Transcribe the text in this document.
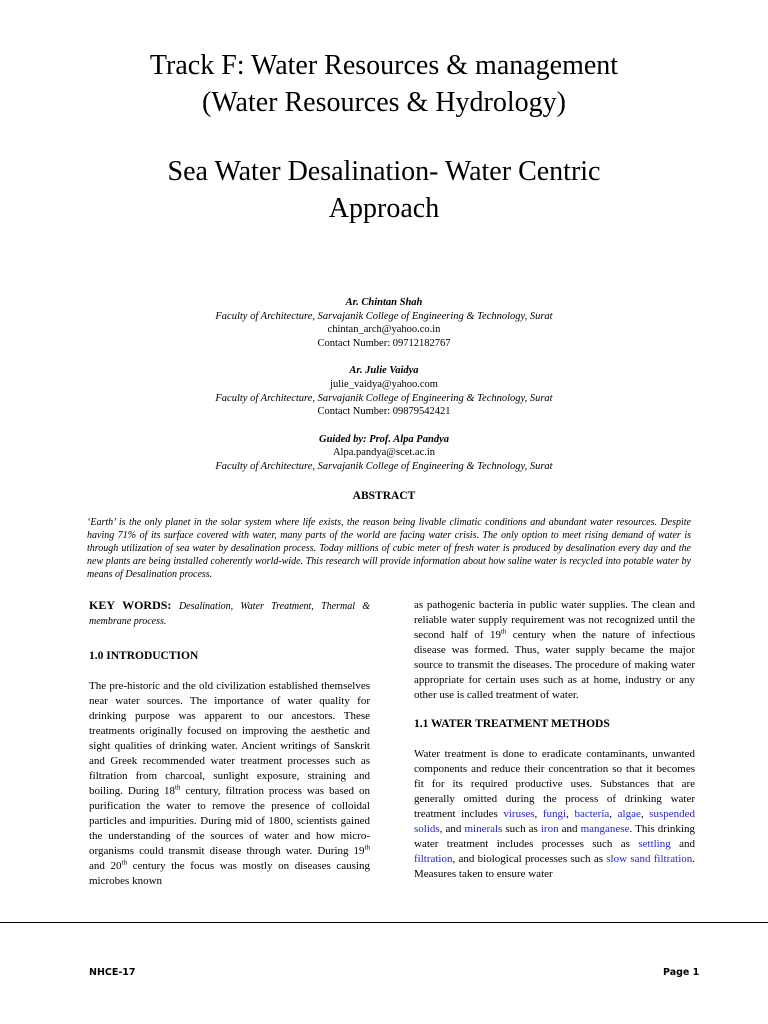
Track F: Water Resources & management
(Water Resources & Hydrology)
Sea Water Desalination- Water Centric
Approach
Ar. Chintan Shah
Faculty of Architecture, Sarvajanik College of Engineering & Technology, Surat
chintan_arch@yahoo.co.in
Contact Number: 09712182767
Ar. Julie Vaidya
julie_vaidya@yahoo.com
Faculty of Architecture, Sarvajanik College of Engineering & Technology, Surat
Contact Number: 09879542421
Guided by: Prof. Alpa Pandya
Alpa.pandya@scet.ac.in
Faculty of Architecture, Sarvajanik College of Engineering & Technology, Surat
ABSTRACT
‘Earth’ is the only planet in the solar system where life exists, the reason being livable climatic conditions and abundant water resources. Despite having 71% of its surface covered with water, many parts of the world are facing water crisis. The only option to meet rising demand of water is through utilization of sea water by desalination process. Today millions of cubic meter of fresh water is produced by desalination every day and the new plants are being installed coherently world-wide. This research will provide information about how saline water is recycled into potable water by means of Desalination process.
KEY WORDS: Desalination, Water Treatment, Thermal & membrane process.
1.0 INTRODUCTION
The pre-historic and the old civilization established themselves near water sources. The importance of water quality for drinking purpose was apparent to our ancestors. These treatments originally focused on improving the aesthetic and sight qualities of drinking water. Ancient writings of Sanskrit and Greek recommended water treatment processes such as filtration from charcoal, sunlight exposure, straining and boiling. During 18th century, filtration process was based on purification the water to remove the presence of colloidal particles and impurities. During mid of 1800, scientists gained the understanding of the sources of water and how micro-organisms could transmit disease through water. During 19th and 20th century the focus was mostly on diseases causing microbes known
as pathogenic bacteria in public water supplies. The clean and reliable water supply requirement was not recognized until the second half of 19th century when the nature of infectious disease was formed. Thus, water supply became the major source to transmit the diseases. The procedure of making water appropriate for certain uses such as at home, industry or any other use is called treatment of water.
1.1 WATER TREATMENT METHODS
Water treatment is done to eradicate contaminants, unwanted components and reduce their concentration so that it becomes fit for its required productive uses. Substances that are generally omitted during the process of drinking water treatment includes viruses, fungi, bacteria, algae, suspended solids, and minerals such as iron and manganese. This drinking water treatment includes processes such as settling and filtration, and biological processes such as slow sand filtration. Measures taken to ensure water
NHCE-17	Page 1
